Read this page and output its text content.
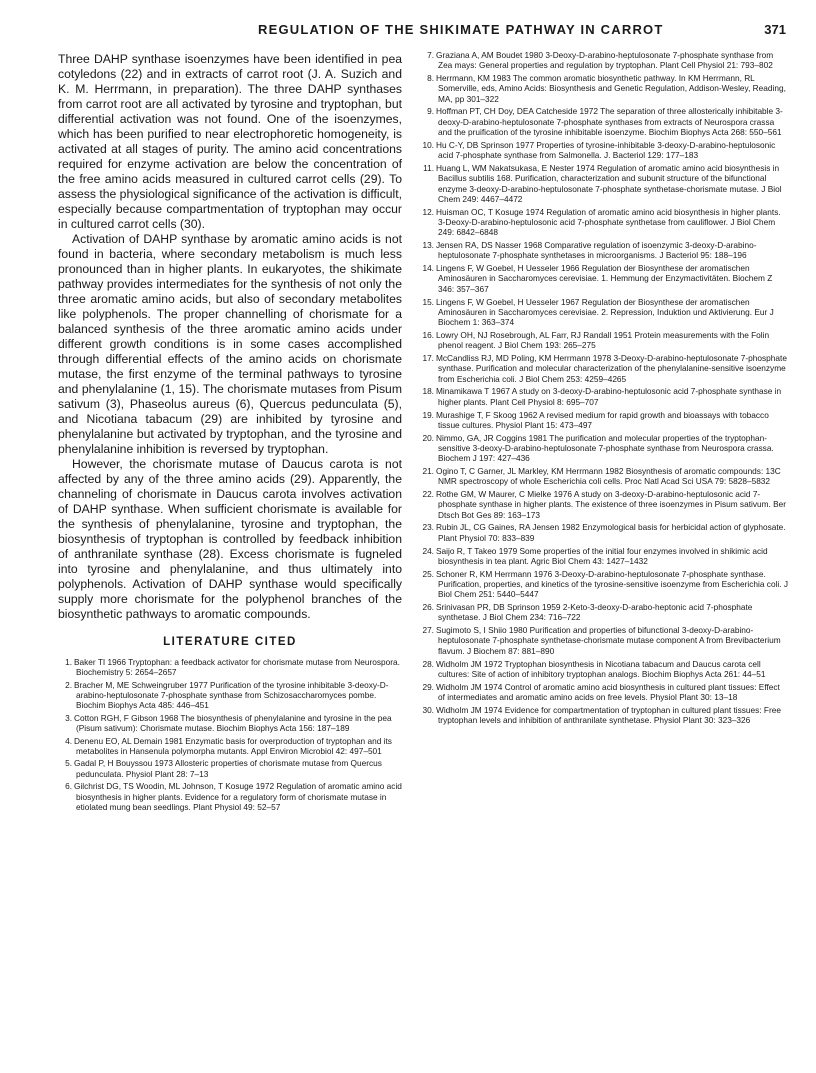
REGULATION OF THE SHIKIMATE PATHWAY IN CARROT	371

Three DAHP synthase isoenzymes have been identified in pea cotyledons (22) and in extracts of carrot root (J. A. Suzich and K. M. Herrmann, in preparation). The three DAHP synthases from carrot root are all activated by tyrosine and tryptophan, but differential activation was not found. One of the isoenzymes, which has been purified to near electrophoretic homogeneity, is activated at all stages of purity. The amino acid concentrations required for enzyme activation are below the concentration of the free amino acids measured in cultured carrot cells (29). To assess the physiological significance of the activation is difficult, especially because compartmentation of tryptophan may occur in cultured carrot cells (30).

Activation of DAHP synthase by aromatic amino acids is not found in bacteria, where secondary metabolism is much less pronounced than in higher plants. In eukaryotes, the shikimate pathway provides intermediates for the synthesis of not only the three aromatic amino acids, but also of secondary metabolites like polyphenols. The proper channelling of chorismate for a balanced synthesis of the three aromatic amino acids under different growth conditions is in some cases accomplished through differential effects of the amino acids on chorismate mutase, the first enzyme of the terminal pathways to tyrosine and phenylalanine (1, 15). The chorismate mutases from Pisum sativum (3), Phaseolus aureus (6), Quercus pedunculata (5), and Nicotiana tabacum (29) are inhibited by tyrosine and phenylalanine but activated by tryptophan, and the tyrosine and phenylalanine inhibition is reversed by tryptophan.

However, the chorismate mutase of Daucus carota is not affected by any of the three amino acids (29). Apparently, the channeling of chorismate in Daucus carota involves activation of DAHP synthase. When sufficient chorismate is available for the synthesis of phenylalanine, tyrosine and tryptophan, the biosynthesis of tryptophan is controlled by feedback inhibition of anthranilate synthase (28). Excess chorismate is fugneled into tyrosine and phenylalanine, and thus ultimately into polyphenols. Activation of DAHP synthase would specifically supply more chorismate for the polyphenol branches of the biosynthetic pathways to aromatic compounds.

LITERATURE CITED
1. Baker TI 1966 Tryptophan: a feedback activator for chorismate mutase from Neurospora. Biochemistry 5: 2654–2657
2. Bracher M, ME Schweingruber 1977 Purification of the tyrosine inhibitable 3-deoxy-D-arabino-heptulosonate 7-phosphate synthase from Schizosaccharomyces pombe. Biochim Biophys Acta 485: 446–451
3. Cotton RGH, F Gibson 1968 The biosynthesis of phenylalanine and tyrosine in the pea (Pisum sativum): Chorismate mutase. Biochim Biophys Acta 156: 187–189
4. Denenu EO, AL Demain 1981 Enzymatic basis for overproduction of tryptophan and its metabolites in Hansenula polymorpha mutants. Appl Environ Microbiol 42: 497–501
5. Gadal P, H Bouyssou 1973 Allosteric properties of chorismate mutase from Quercus pedunculata. Physiol Plant 28: 7–13
6. Gilchrist DG, TS Woodin, ML Johnson, T Kosuge 1972 Regulation of aromatic amino acid biosynthesis in higher plants. Evidence for a regulatory form of chorismate mutase in etiolated mung bean seedlings. Plant Physiol 49: 52–57
7. Graziana A, AM Boudet 1980 3-Deoxy-D-arabino-heptulosonate 7-phosphate synthase from Zea mays: General properties and regulation by tryptophan. Plant Cell Physiol 21: 793–802
8. Herrmann, KM 1983 The common aromatic biosynthetic pathway. In KM Herrmann, RL Somerville, eds, Amino Acids: Biosynthesis and Genetic Regulation, Addison-Wesley, Reading, MA, pp 301–322
9. Hoffman PT, CH Doy, DEA Catcheside 1972 The separation of three allosterically inhibitable 3-deoxy-D-arabino-heptulosonate 7-phosphate synthases from extracts of Neurospora crassa and the pruification of the tyrosine inhibitable isoenzyme. Biochim Biophys Acta 268: 550–561
10. Hu C-Y, DB Sprinson 1977 Properties of tyrosine-inhibitable 3-deoxy-D-arabino-heptulosonic acid 7-phosphate synthase from Salmonella. J. Bacteriol 129: 177–183
11. Huang L, WM Nakatsukasa, E Nester 1974 Regulation of aromatic amino acid biosynthesis in Bacillus subtilis 168. Purification, characterization and subunit structure of the bifunctional enzyme 3-deoxy-D-arabino-heptulosonate 7-phosphate synthetase-chorismate mutase. J Biol Chem 249: 4467–4472
12. Huisman OC, T Kosuge 1974 Regulation of aromatic amino acid biosynthesis in higher plants. 3-Deoxy-D-arabino-heptulosonic acid 7-phosphate synthetase from cauliflower. J Biol Chem 249: 6842–6848
13. Jensen RA, DS Nasser 1968 Comparative regulation of isoenzymic 3-deoxy-D-arabino-heptulosonate 7-phosphate synthetases in microorganisms. J Bacteriol 95: 188–196
14. Lingens F, W Goebel, H Uesseler 1966 Regulation der Biosynthese der aromatischen Aminosäuren in Saccharomyces cerevisiae. 1. Hemmung der Enzymactivitäten. Biochem Z 346: 357–367
15. Lingens F, W Goebel, H Uesseler 1967 Regulation der Biosynthese der aromatischen Aminosäuren in Saccharomyces cerevisiae. 2. Repression, Induktion und Aktivierung. Eur J Biochem 1: 363–374
16. Lowry OH, NJ Rosebrough, AL Farr, RJ Randall 1951 Protein measurements with the Folin phenol reagent. J Biol Chem 193: 265–275
17. McCandliss RJ, MD Poling, KM Herrmann 1978 3-Deoxy-D-arabino-heptulosonate 7-phosphate synthase. Purification and molecular characterization of the phenylalanine-sensitive isoenzyme from Escherichia coli. J Biol Chem 253: 4259–4265
18. Minamikawa T 1967 A study on 3-deoxy-D-arabino-heptulosonic acid 7-phosphate synthase in higher plants. Plant Cell Physiol 8: 695–707
19. Murashige T, F Skoog 1962 A revised medium for rapid growth and bioassays with tobacco tissue cultures. Physiol Plant 15: 473–497
20. Nimmo, GA, JR Coggins 1981 The purification and molecular properties of the tryptophan-sensitive 3-deoxy-D-arabino-heptulosonate 7-phosphate synthase from Neurospora crassa. Biochem J 197: 427–436
21. Ogino T, C Garner, JL Markley, KM Herrmann 1982 Biosynthesis of aromatic compounds: 13C NMR spectroscopy of whole Escherichia coli cells. Proc Natl Acad Sci USA 79: 5828–5832
22. Rothe GM, W Maurer, C Mielke 1976 A study on 3-deoxy-D-arabino-heptulosonic acid 7-phosphate synthase in higher plants. The existence of three isoenzymes in Pisum sativum. Ber Dtsch Bot Ges 89: 163–173
23. Rubin JL, CG Gaines, RA Jensen 1982 Enzymological basis for herbicidal action of glyphosate. Plant Physiol 70: 833–839
24. Saijo R, T Takeo 1979 Some properties of the initial four enzymes involved in shikimic acid biosynthesis in tea plant. Agric Biol Chem 43: 1427–1432
25. Schoner R, KM Herrmann 1976 3-Deoxy-D-arabino-heptulosonate 7-phosphate synthase. Purification, properties, and kinetics of the tyrosine-sensitive isoenzyme from Escherichia coli. J Biol Chem 251: 5440–5447
26. Srinivasan PR, DB Sprinson 1959 2-Keto-3-deoxy-D-arabo-heptonic acid 7-phosphate synthetase. J Biol Chem 234: 716–722
27. Sugimoto S, I Shiio 1980 Purification and properties of bifunctional 3-deoxy-D-arabino-heptulosonate 7-phosphate synthetase-chorismate mutase component A from Brevibacterium flavum. J Biochem 87: 881–890
28. Widholm JM 1972 Tryptophan biosynthesis in Nicotiana tabacum and Daucus carota cell cultures: Site of action of inhibitory tryptophan analogs. Biochim Biophys Acta 261: 44–51
29. Widholm JM 1974 Control of aromatic amino acid biosynthesis in cultured plant tissues: Effect of intermediates and aromatic amino acids on free levels. Physiol Plant 30: 13–18
30. Widholm JM 1974 Evidence for compartmentation of tryptophan in cultured plant tissues: Free tryptophan levels and inhibition of anthranilate synthetase. Physiol Plant 30: 323–326
